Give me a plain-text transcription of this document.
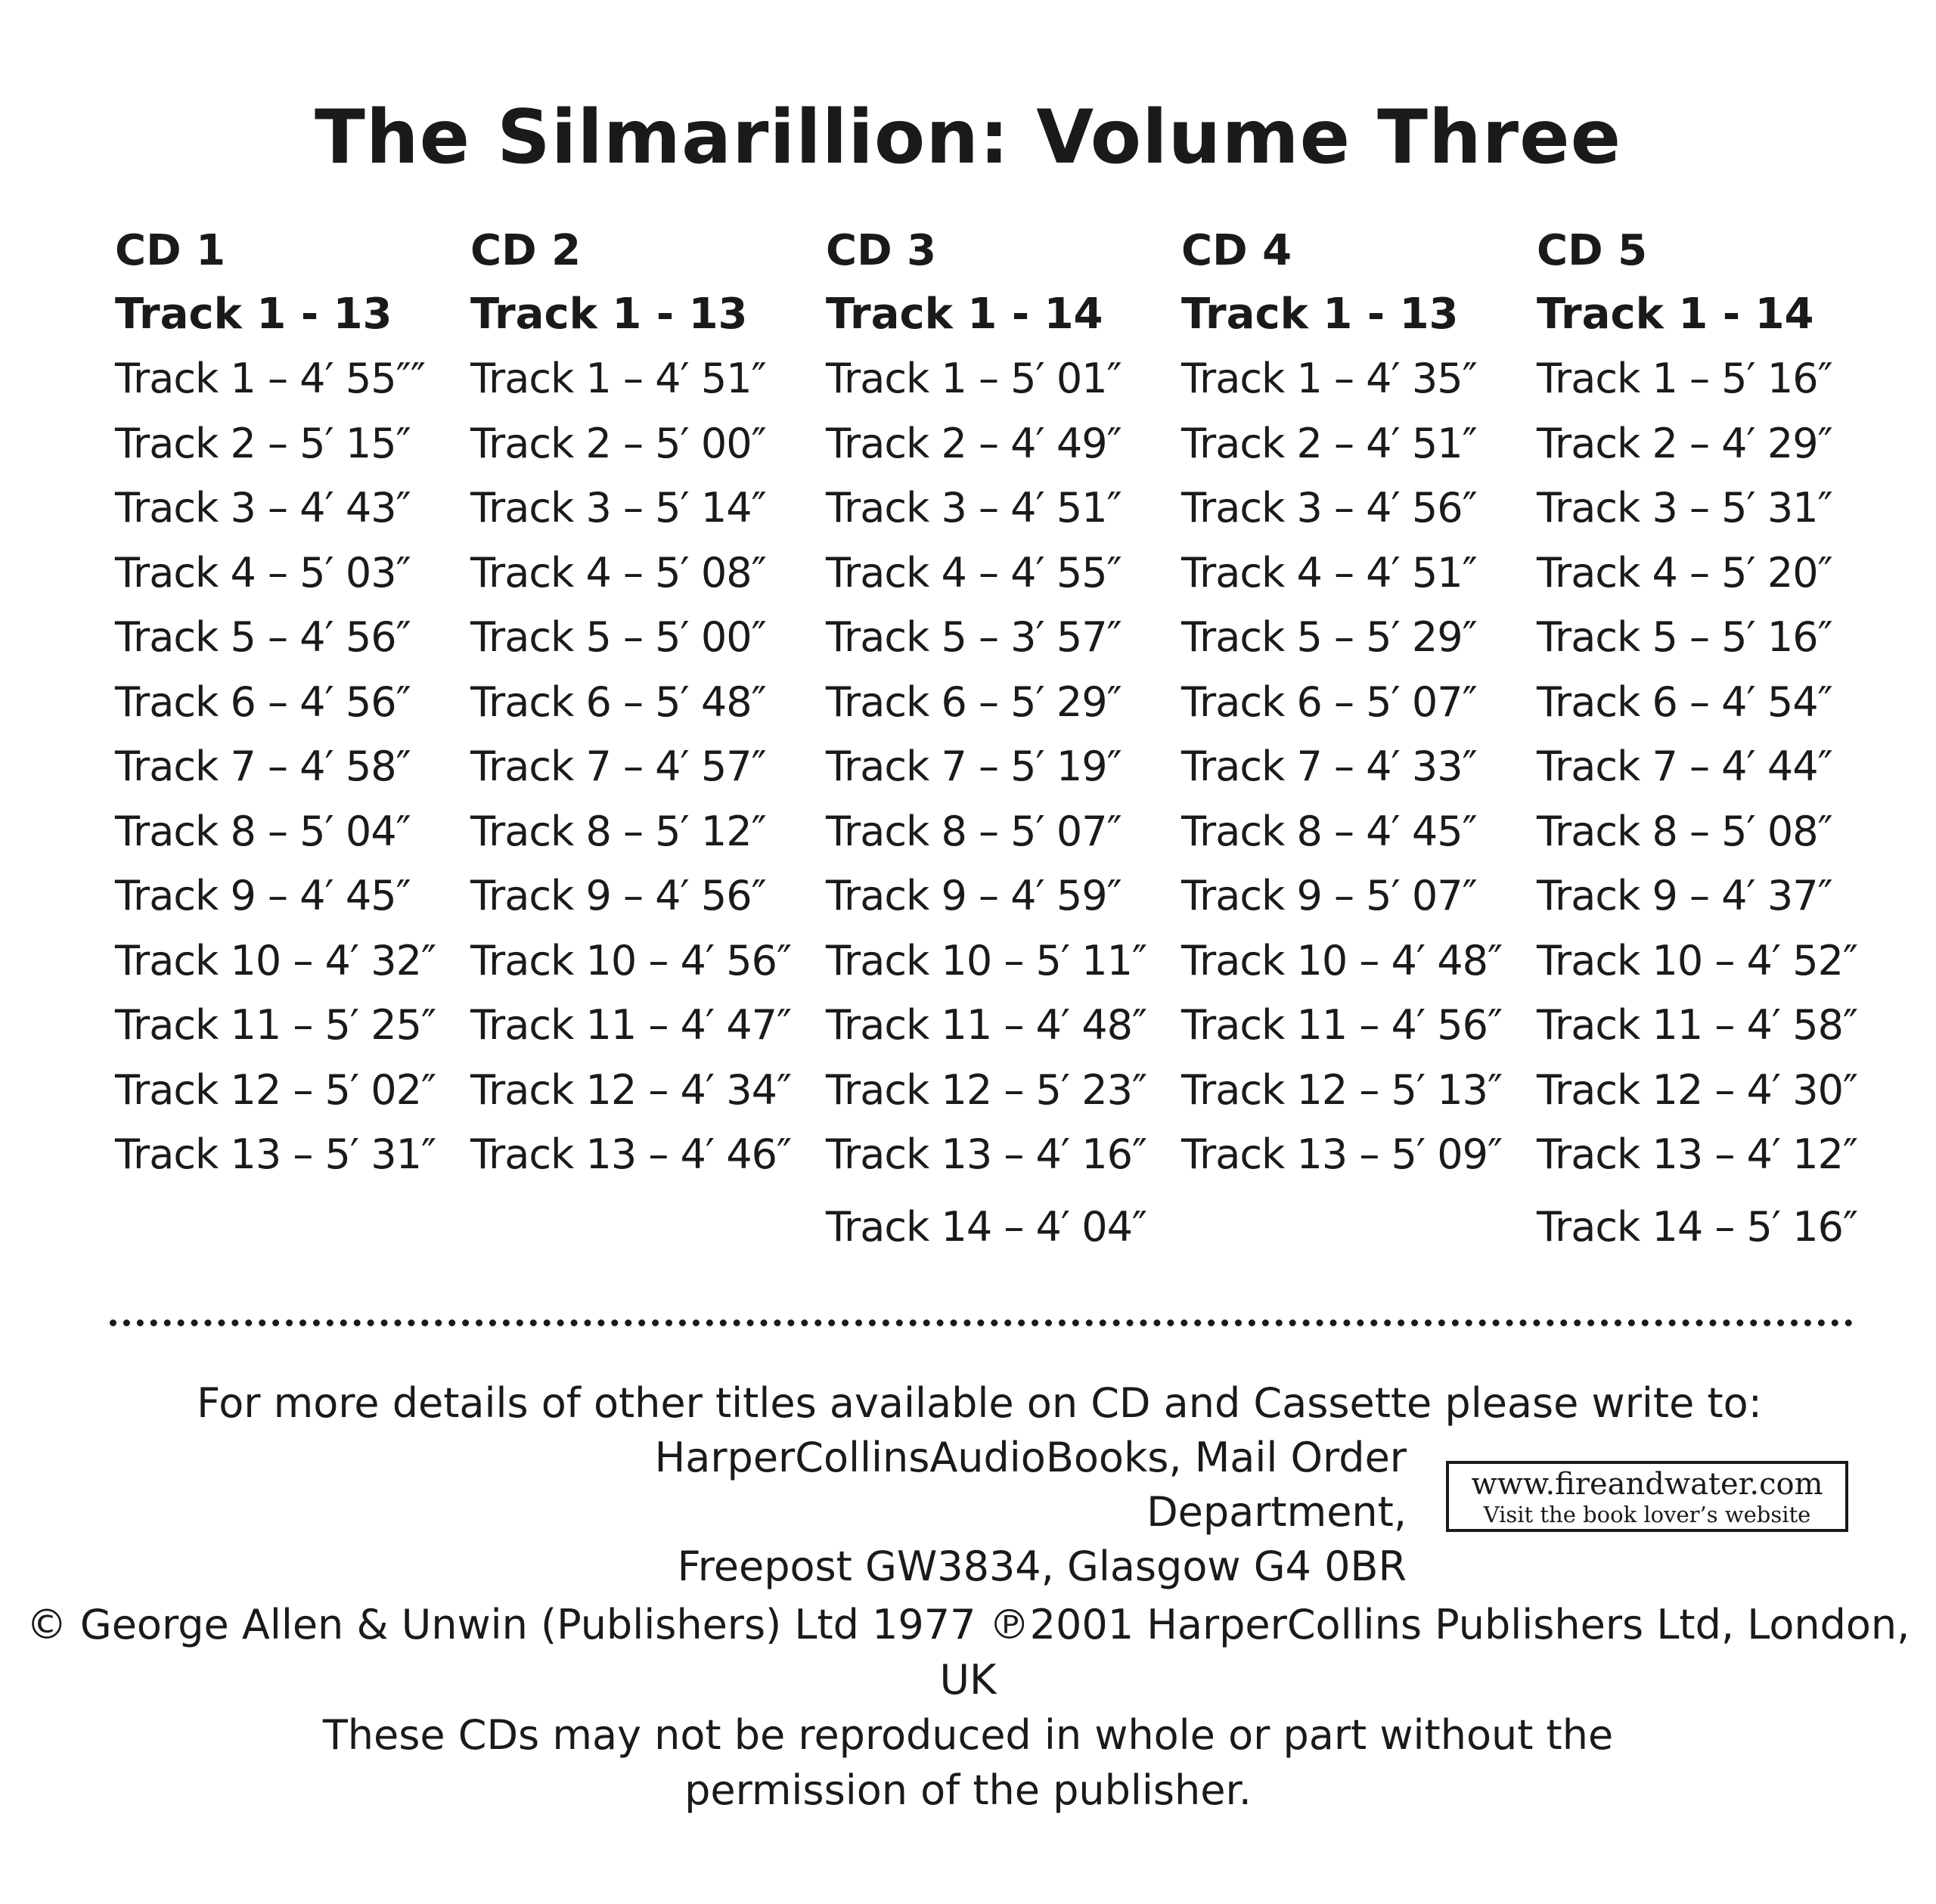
The Silmarillion: Volume Three
CD 1
Track 1 - 13
Track 1 – 4′ 55″″
Track 2 – 5′ 15″
Track 3 – 4′ 43″
Track 4 – 5′ 03″
Track 5 – 4′ 56″
Track 6 – 4′ 56″
Track 7 – 4′ 58″
Track 8 – 5′ 04″
Track 9 – 4′ 45″
Track 10 – 4′ 32″
Track 11 – 5′ 25″
Track 12 – 5′ 02″
Track 13 – 5′ 31″
CD 2
Track 1 - 13
Track 1 – 4′ 51″
Track 2 – 5′ 00″
Track 3 – 5′ 14″
Track 4 – 5′ 08″
Track 5 – 5′ 00″
Track 6 – 5′ 48″
Track 7 – 4′ 57″
Track 8 – 5′ 12″
Track 9 – 4′ 56″
Track 10 – 4′ 56″
Track 11 – 4′ 47″
Track 12 – 4′ 34″
Track 13 – 4′ 46″
CD 3
Track 1 - 14
Track 1 – 5′ 01″
Track 2 – 4′ 49″
Track 3 – 4′ 51″
Track 4 – 4′ 55″
Track 5 – 3′ 57″
Track 6 – 5′ 29″
Track 7 – 5′ 19″
Track 8 – 5′ 07″
Track 9 – 4′ 59″
Track 10 – 5′ 11″
Track 11 – 4′ 48″
Track 12 – 5′ 23″
Track 13 – 4′ 16″
Track 14 – 4′ 04″
CD 4
Track 1 - 13
Track 1 – 4′ 35″
Track 2 – 4′ 51″
Track 3 – 4′ 56″
Track 4 – 4′ 51″
Track 5 – 5′ 29″
Track 6 – 5′ 07″
Track 7 – 4′ 33″
Track 8 – 4′ 45″
Track 9 – 5′ 07″
Track 10 – 4′ 48″
Track 11 – 4′ 56″
Track 12 – 5′ 13″
Track 13 – 5′ 09″
CD 5
Track 1 - 14
Track 1 – 5′ 16″
Track 2 – 4′ 29″
Track 3 – 5′ 31″
Track 4 – 5′ 20″
Track 5 – 5′ 16″
Track 6 – 4′ 54″
Track 7 – 4′ 44″
Track 8 – 5′ 08″
Track 9 – 4′ 37″
Track 10 – 4′ 52″
Track 11 – 4′ 58″
Track 12 – 4′ 30″
Track 13 – 4′ 12″
Track 14 – 5′ 16″
For more details of other titles available on CD and Cassette please write to:
HarperCollinsAudioBooks, Mail Order Department,
Freepost GW3834, Glasgow G4 0BR
www.fireandwater.com
Visit the book lover’s website

© George Allen & Unwin (Publishers) Ltd 1977 ℗2001 HarperCollins Publishers Ltd, London, UK

These CDs may not be reproduced in whole or part without the

permission of the publisher.
